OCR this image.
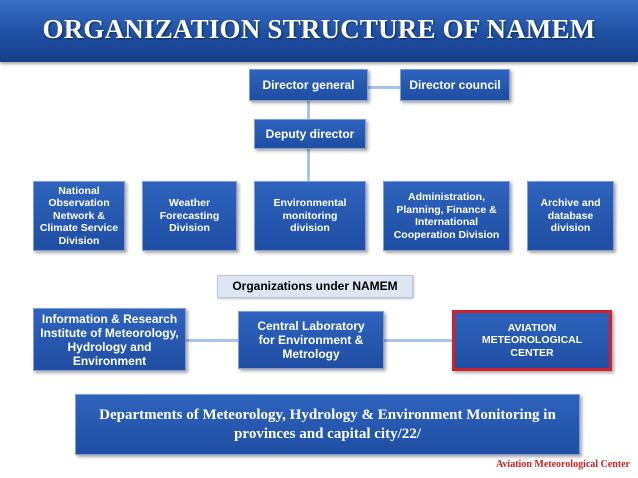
ORGANIZATION STRUCTURE OF NAMEM
Director general	Director council
Deputy director
National Observation Network & Climate Service Division
Weather Forecasting Division
Environmental monitoring division
Administration, Planning, Finance & International Cooperation Division
Archive and database division
Organizations under NAMEM
Information & Research Institute of Meteorology, Hydrology and Environment
Central Laboratory for Environment & Metrology
AVIATION METEOROLOGICAL CENTER
Departments of Meteorology, Hydrology & Environment Monitoring in provinces and capital city/22/
Aviation Meteorological Center
